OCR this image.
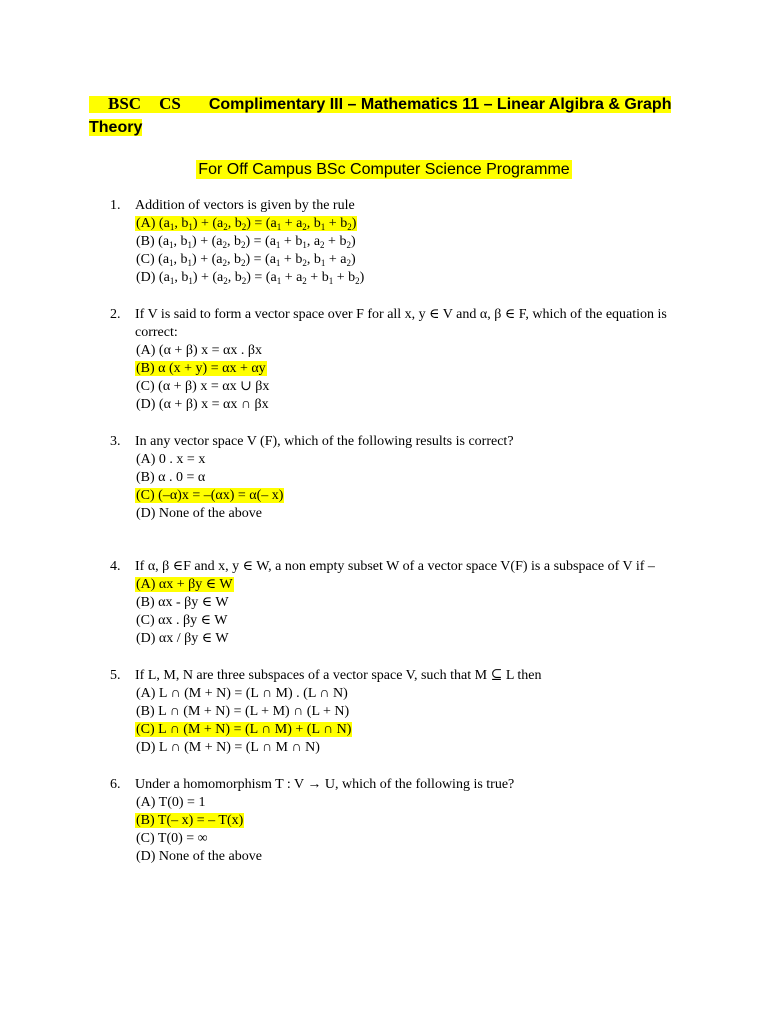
BSC CS Complimentary III – Mathematics 11 – Linear Algibra & Graph Theory
For Off Campus BSc Computer Science Programme
1. Addition of vectors is given by the rule
(A) ($a_1$, $b_1) + (a_2$, $b_2) = (a_1 + a_2$, $b_1 + b_2$)
(B) ($a_1$, $b_1) + (a_2$, $b_2) = (a_1 + b_1$, $a_2 + b_2$)
(C) ($a_1$, $b_1) + (a_2$, $b_2) = (a_1 + b_2$, $b_1 + a_2$)
(D) ($a_1$, $b_1) + (a_2$, $b_2) = (a_1 + a_2 + b_1 + b_2)$
2. If V is said to form a vector space over F for all x, y ∈ V and α, β ∈ F, which of the equation is correct:
(A) (α + β) x = αx . βx
(B) α (x + y) = αx + αy
(C) (α + β) x = αx ∪ βx
(D) (α + β) x = αx ∩ βx
3. In any vector space V (F), which of the following results is correct?
(A) 0 . x = x
(B) α . 0 = α
(C) (–α)x = –(αx) = α(– x)
(D) None of the above
4. If α, β ∈F and x, y ∈ W, a non empty subset W of a vector space V(F) is a subspace of V if –
(A) αx + βy ∈ W
(B) αx - βy ∈ W
(C) αx . βy ∈ W
(D) αx / βy ∈ W
5. If L, M, N are three subspaces of a vector space V, such that M ⊆ L then
(A) L ∩ (M + N) = (L ∩ M) . (L ∩ N)
(B) L ∩ (M + N) = (L + M) ∩ (L + N)
(C) L ∩ (M + N) = (L ∩ M) + (L ∩ N)
(D) L ∩ (M + N) = (L ∩ M ∩ N)
6. Under a homomorphism T : V → U, which of the following is true?
(A) T(0) = 1
(B) T(– x) = – T(x)
(C) T(0) = ∞
(D) None of the above
